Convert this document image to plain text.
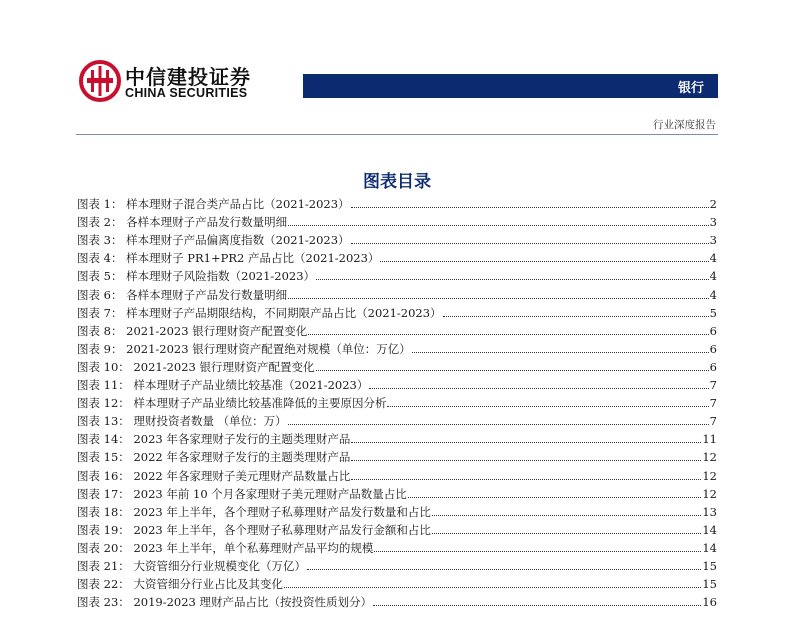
中信建投证券
CHINA SECURITIES	银行
行业深度报告
图表目录
图表 1： 样本理财子混合类产品占比（2021-2023）	2
图表 2： 各样本理财子产品发行数量明细	3
图表 3： 样本理财子产品偏离度指数（2021-2023）	3
图表 4： 样本理财子 PR1+PR2 产品占比（2021-2023）	4
图表 5： 样本理财子风险指数（2021-2023）	4
图表 6： 各样本理财子产品发行数量明细	4
图表 7： 样本理财子产品期限结构，不同期限产品占比（2021-2023）	5
图表 8： 2021-2023 银行理财资产配置变化	6
图表 9： 2021-2023 银行理财资产配置绝对规模（单位：万亿）	6
图表 10： 2021-2023 银行理财资产配置变化	6
图表 11： 样本理财子产品业绩比较基准（2021-2023）	7
图表 12： 样本理财子产品业绩比较基准降低的主要原因分析	7
图表 13： 理财投资者数量 （单位：万）	7
图表 14： 2023 年各家理财子发行的主题类理财产品	11
图表 15： 2022 年各家理财子发行的主题类理财产品	12
图表 16： 2022 年各家理财子美元理财产品数量占比	12
图表 17： 2023 年前 10 个月各家理财子美元理财产品数量占比	12
图表 18： 2023 年上半年，各个理财子私募理财产品发行数量和占比	13
图表 19： 2023 年上半年，各个理财子私募理财产品发行金额和占比	14
图表 20： 2023 年上半年，单个私募理财产品平均的规模	14
图表 21： 大资管细分行业规模变化（万亿）	15
图表 22： 大资管细分行业占比及其变化	15
图表 23： 2019-2023 理财产品占比（按投资性质划分）	16
